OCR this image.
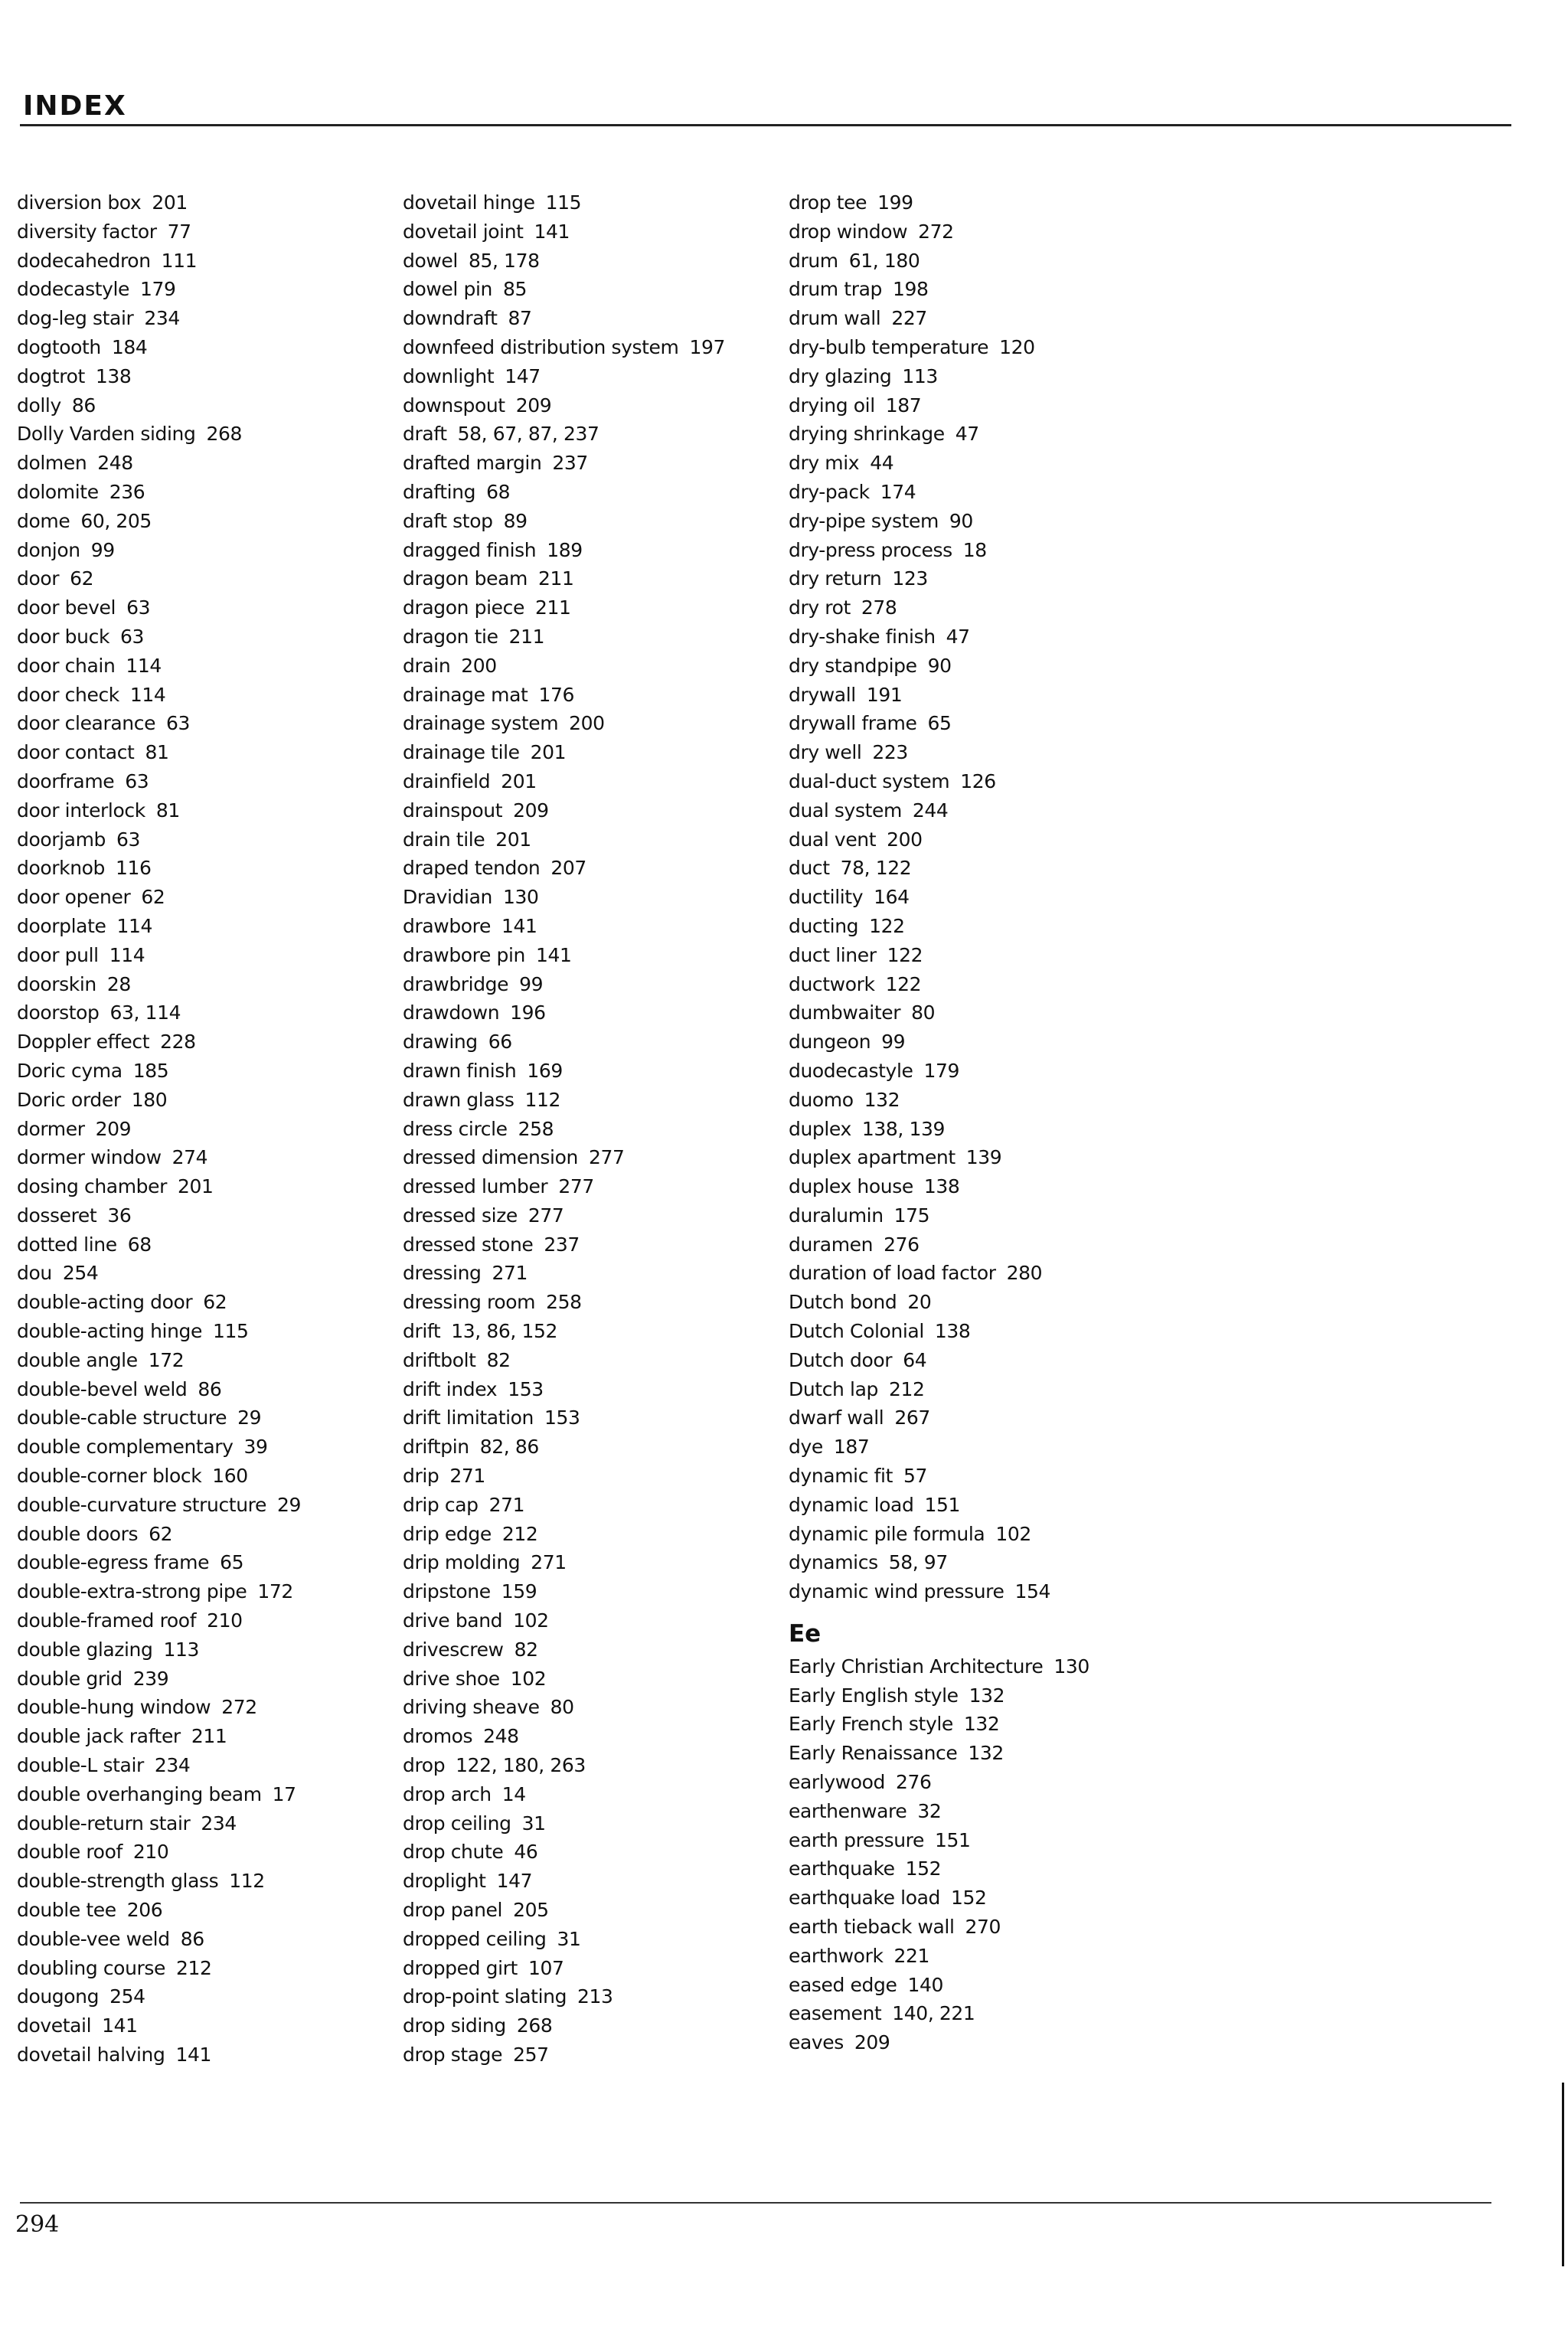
INDEX
diversion box 201
diversity factor 77
dodecahedron 111
dodecastyle 179
dog-leg stair 234
dogtooth 184
dogtrot 138
dolly 86
Dolly Varden siding 268
dolmen 248
dolomite 236
dome 60, 205
donjon 99
door 62
door bevel 63
door buck 63
door chain 114
door check 114
door clearance 63
door contact 81
doorframe 63
door interlock 81
doorjamb 63
doorknob 116
door opener 62
doorplate 114
door pull 114
doorskin 28
doorstop 63, 114
Doppler effect 228
Doric cyma 185
Doric order 180
dormer 209
dormer window 274
dosing chamber 201
dosseret 36
dotted line 68
dou 254
double-acting door 62
double-acting hinge 115
double angle 172
double-bevel weld 86
double-cable structure 29
double complementary 39
double-corner block 160
double-curvature structure 29
double doors 62
double-egress frame 65
double-extra-strong pipe 172
double-framed roof 210
double glazing 113
double grid 239
double-hung window 272
double jack rafter 211
double-L stair 234
double overhanging beam 17
double-return stair 234
double roof 210
double-strength glass 112
double tee 206
double-vee weld 86
doubling course 212
dougong 254
dovetail 141
dovetail halving 141
dovetail hinge 115
dovetail joint 141
dowel 85, 178
dowel pin 85
downdraft 87
downfeed distribution system 197
downlight 147
downspout 209
draft 58, 67, 87, 237
drafted margin 237
drafting 68
draft stop 89
dragged finish 189
dragon beam 211
dragon piece 211
dragon tie 211
drain 200
drainage mat 176
drainage system 200
drainage tile 201
drainfield 201
drainspout 209
drain tile 201
draped tendon 207
Dravidian 130
drawbore 141
drawbore pin 141
drawbridge 99
drawdown 196
drawing 66
drawn finish 169
drawn glass 112
dress circle 258
dressed dimension 277
dressed lumber 277
dressed size 277
dressed stone 237
dressing 271
dressing room 258
drift 13, 86, 152
driftbolt 82
drift index 153
drift limitation 153
driftpin 82, 86
drip 271
drip cap 271
drip edge 212
drip molding 271
dripstone 159
drive band 102
drivescrew 82
drive shoe 102
driving sheave 80
dromos 248
drop 122, 180, 263
drop arch 14
drop ceiling 31
drop chute 46
droplight 147
drop panel 205
dropped ceiling 31
dropped girt 107
drop-point slating 213
drop siding 268
drop stage 257
drop tee 199
drop window 272
drum 61, 180
drum trap 198
drum wall 227
dry-bulb temperature 120
dry glazing 113
drying oil 187
drying shrinkage 47
dry mix 44
dry-pack 174
dry-pipe system 90
dry-press process 18
dry return 123
dry rot 278
dry-shake finish 47
dry standpipe 90
drywall 191
drywall frame 65
dry well 223
dual-duct system 126
dual system 244
dual vent 200
duct 78, 122
ductility 164
ducting 122
duct liner 122
ductwork 122
dumbwaiter 80
dungeon 99
duodecastyle 179
duomo 132
duplex 138, 139
duplex apartment 139
duplex house 138
duralumin 175
duramen 276
duration of load factor 280
Dutch bond 20
Dutch Colonial 138
Dutch door 64
Dutch lap 212
dwarf wall 267
dye 187
dynamic fit 57
dynamic load 151
dynamic pile formula 102
dynamics 58, 97
dynamic wind pressure 154
Ee
Early Christian Architecture 130
Early English style 132
Early French style 132
Early Renaissance 132
earlywood 276
earthenware 32
earth pressure 151
earthquake 152
earthquake load 152
earth tieback wall 270
earthwork 221
eased edge 140
easement 140, 221
eaves 209
294
